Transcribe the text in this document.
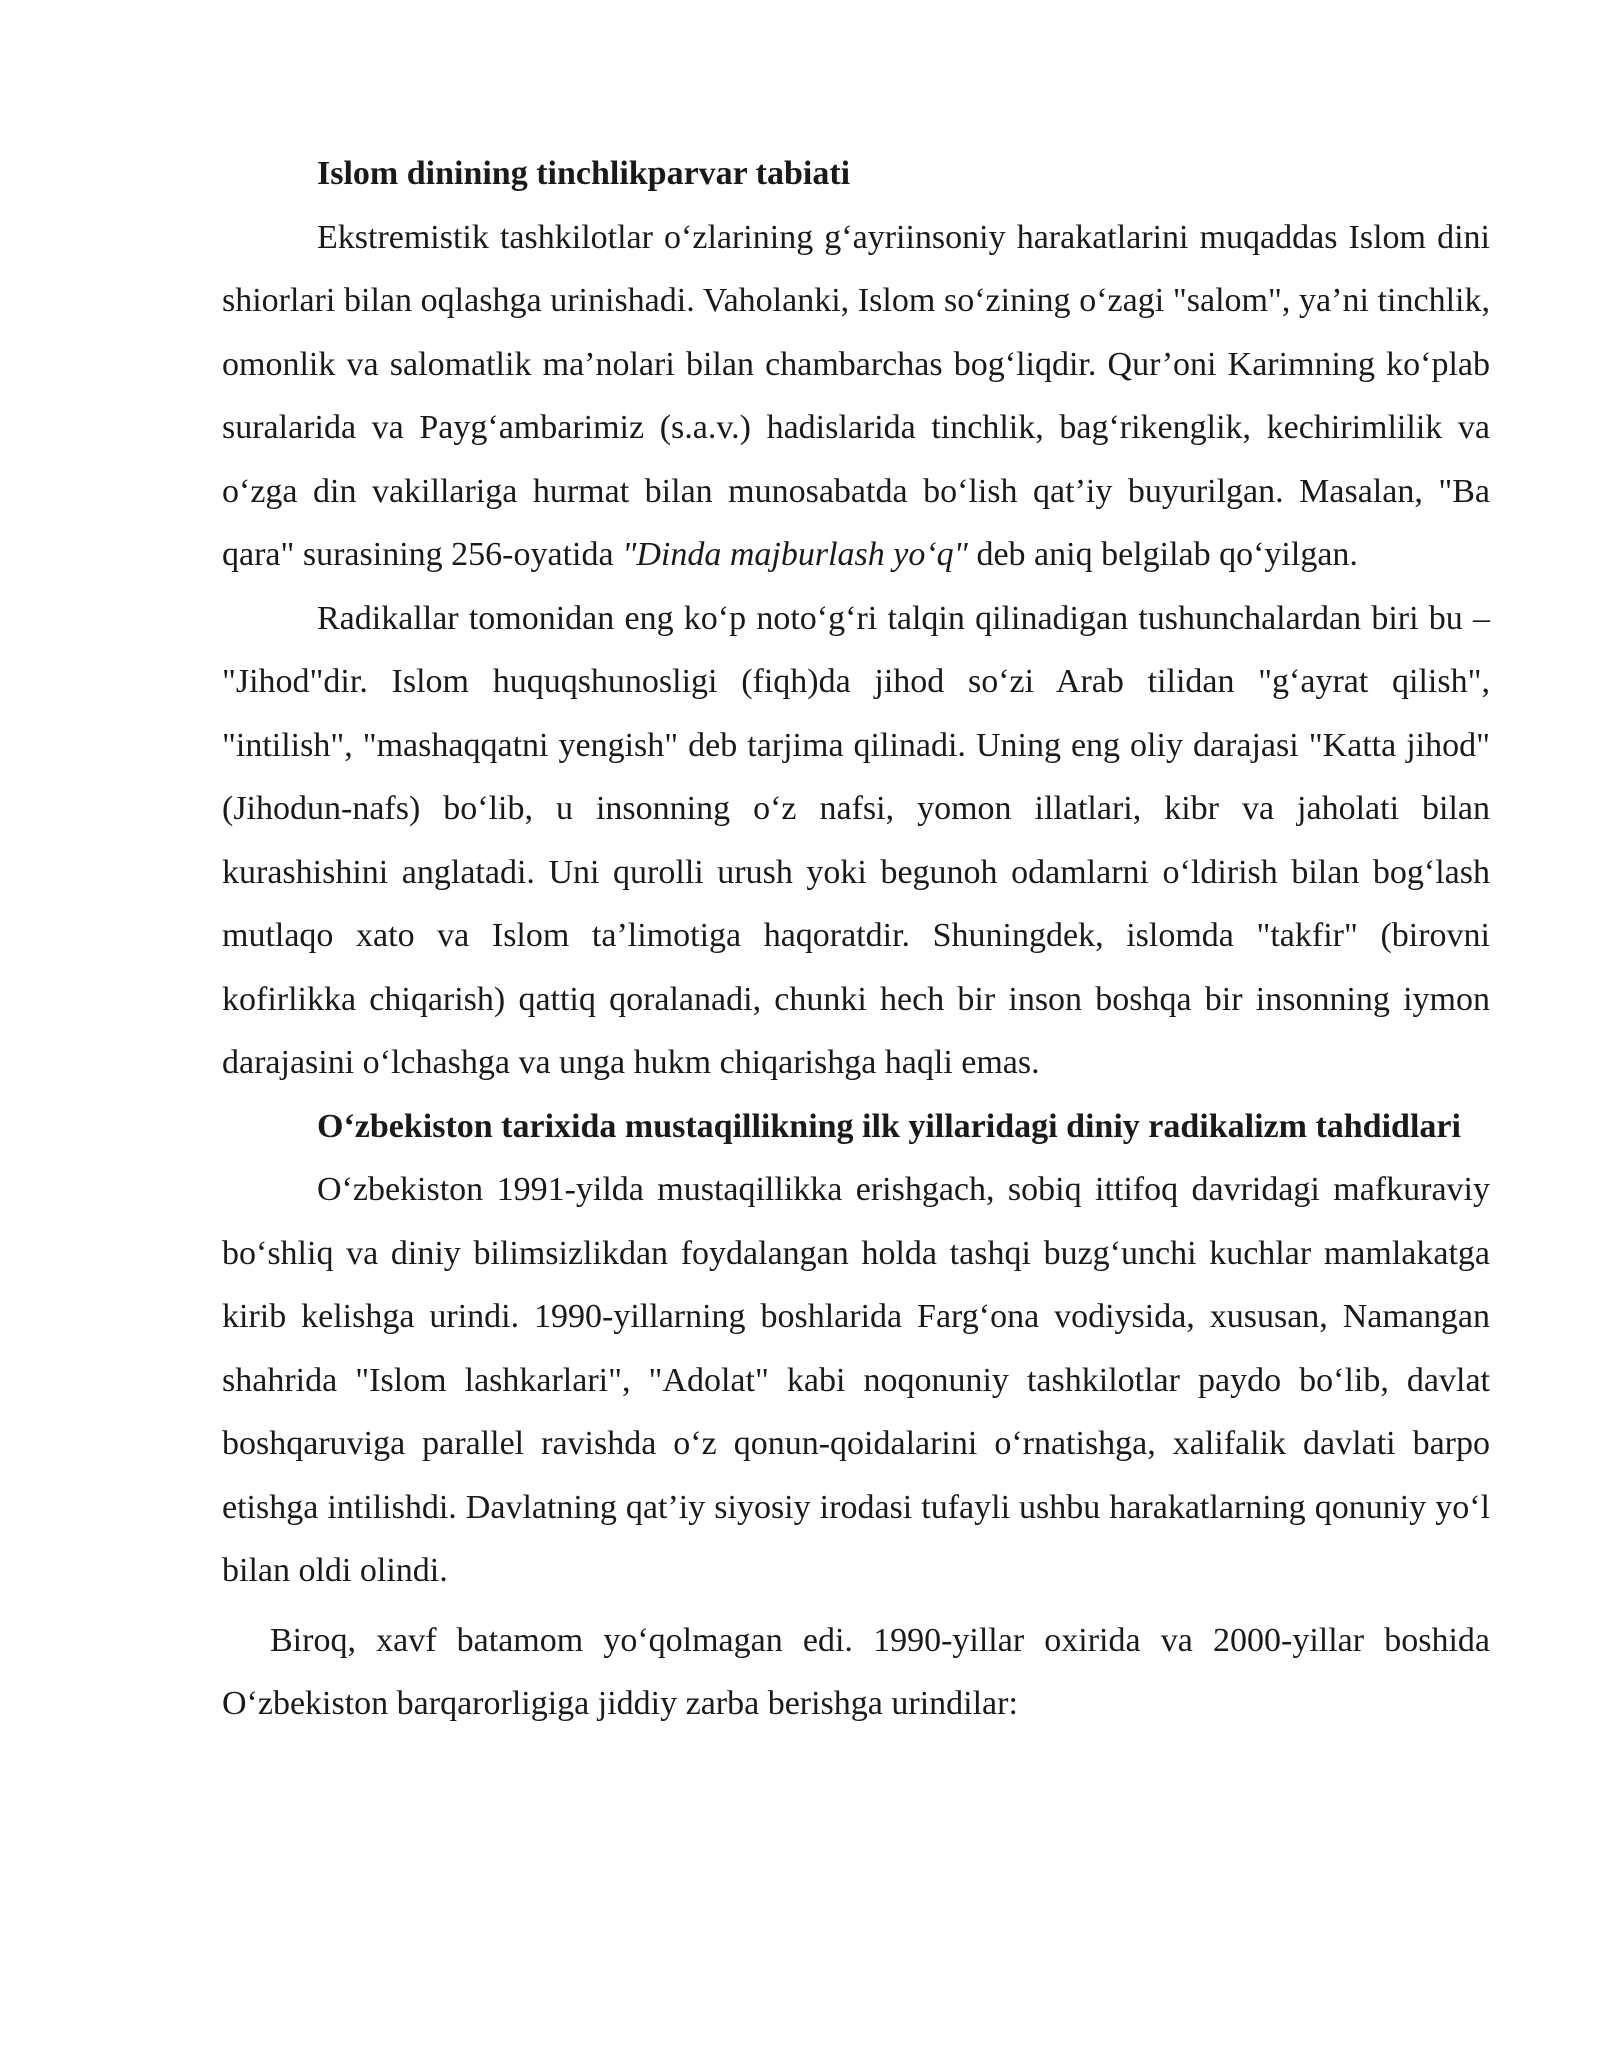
Islom dinining tinchlikparvar tabiati

Ekstremistik tashkilotlar o‘zlarining g‘ayriinsoniy harakatlarini muqaddas Islom dini shiorlari bilan oqlashga urinishadi. Vaholanki, Islom so‘zining o‘zagi "salom", ya’ni tinchlik, omonlik va salomatlik ma’nolari bilan chambarchas bog‘liqdir. Qur’oni Karimning ko‘plab suralarida va Payg‘ambarimiz (s.a.v.) hadislarida tinchlik, bag‘rikenglik, kechirimlilik va o‘zga din vakillariga hurmat bilan munosabatda bo‘lish qat’iy buyurilgan. Masalan, "Ba qara" surasining 256-oyatida "Dinda majburlash yo‘q" deb aniq belgilab qo‘yilgan.

Radikallar tomonidan eng ko‘p noto‘g‘ri talqin qilinadigan tushunchalardan biri bu – "Jihod"dir. Islom huquqshunosligi (fiqh)da jihod so‘zi Arab tilidan "g‘ayrat qilish", "intilish", "mashaqqatni yengish" deb tarjima qilinadi. Uning eng oliy darajasi "Katta jihod" (Jihodun-nafs) bo‘lib, u insonning o‘z nafsi, yomon illatlari, kibr va jaholati bilan kurashishini anglatadi. Uni qurolli urush yoki begunoh odamlarni o‘ldirish bilan bog‘lash mutlaqo xato va Islom ta’limotiga haqoratdir. Shuningdek, islomda "takfir" (birovni kofirlikka chiqarish) qattiq qoralanadi, chunki hech bir inson boshqa bir insonning iymon darajasini o‘lchashga va unga hukm chiqarishga haqli emas.

O‘zbekiston tarixida mustaqillikning ilk yillaridagi diniy radikalizm tahdidlari

O‘zbekiston 1991-yilda mustaqillikka erishgach, sobiq ittifoq davridagi mafkuraviy bo‘shliq va diniy bilimsizlikdan foydalangan holda tashqi buzg‘unchi kuchlar mamlakatga kirib kelishga urindi. 1990-yillarning boshlarida Farg‘ona vodiysida, xususan, Namangan shahrida "Islom lashkarlari", "Adolat" kabi noqonuniy tashkilotlar paydo bo‘lib, davlat boshqaruviga parallel ravishda o‘z qonun-qoidalarini o‘rnatishga, xalifalik davlati barpo etishga intilishdi. Davlatning qat’iy siyosiy irodasi tufayli ushbu harakatlarning qonuniy yo‘l bilan oldi olindi.

Biroq, xavf batamom yo‘qolmagan edi. 1990-yillar oxirida va 2000-yillar boshida O‘zbekiston barqarorligiga jiddiy zarba berishga urindilar:
